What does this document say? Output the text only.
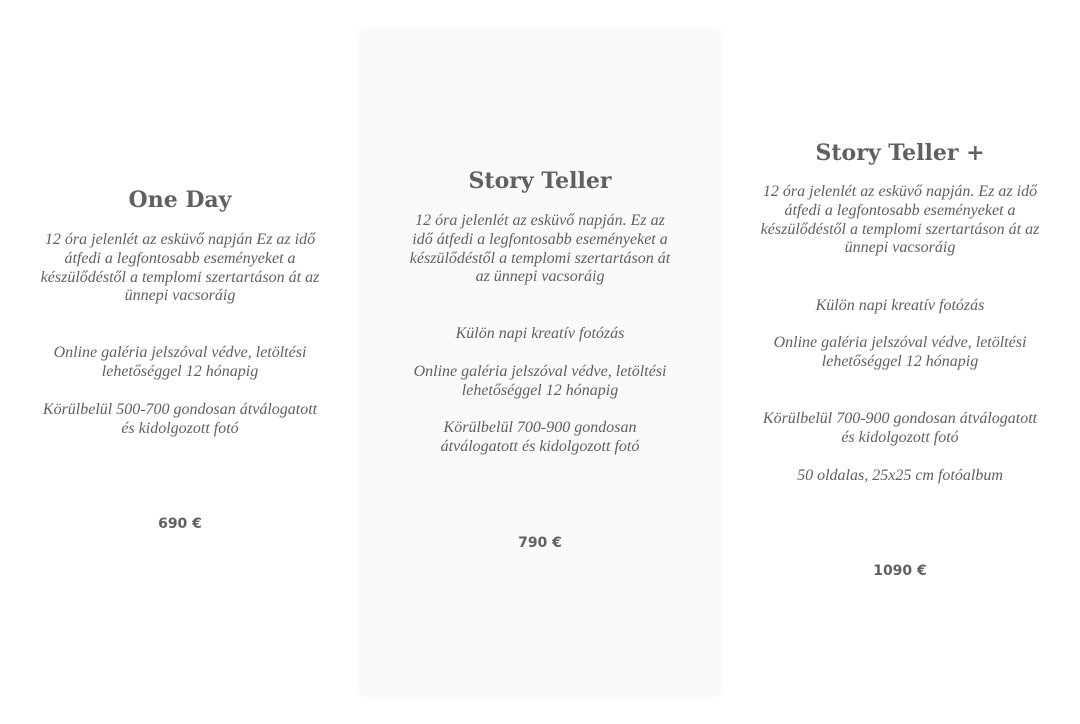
One Day

12 óra jelenlét az esküvő napján Ez az idő átfedi a legfontosabb eseményeket a készülődéstől a templomi szertartáson át az ünnepi vacsoráig

Online galéria jelszóval védve, letöltési lehetőséggel 12 hónapig

Körülbelül 500-700 gondosan átválogatott és kidolgozott fotó

690 €
Story Teller

12 óra jelenlét az esküvő napján. Ez az idő átfedi a legfontosabb eseményeket a készülődéstől a templomi szertartáson át az ünnepi vacsoráig

Külön napi kreatív fotózás

Online galéria jelszóval védve, letöltési lehetőséggel 12 hónapig

Körülbelül 700-900 gondosan átválogatott és kidolgozott fotó

790 €
Story Teller +

12 óra jelenlét az esküvő napján. Ez az idő átfedi a legfontosabb eseményeket a készülődéstől a templomi szertartáson át az ünnepi vacsoráig

Külön napi kreatív fotózás

Online galéria jelszóval védve, letöltési lehetőséggel 12 hónapig

Körülbelül 700-900 gondosan átválogatott és kidolgozott fotó

50 oldalas, 25x25 cm fotóalbum

1090 €
